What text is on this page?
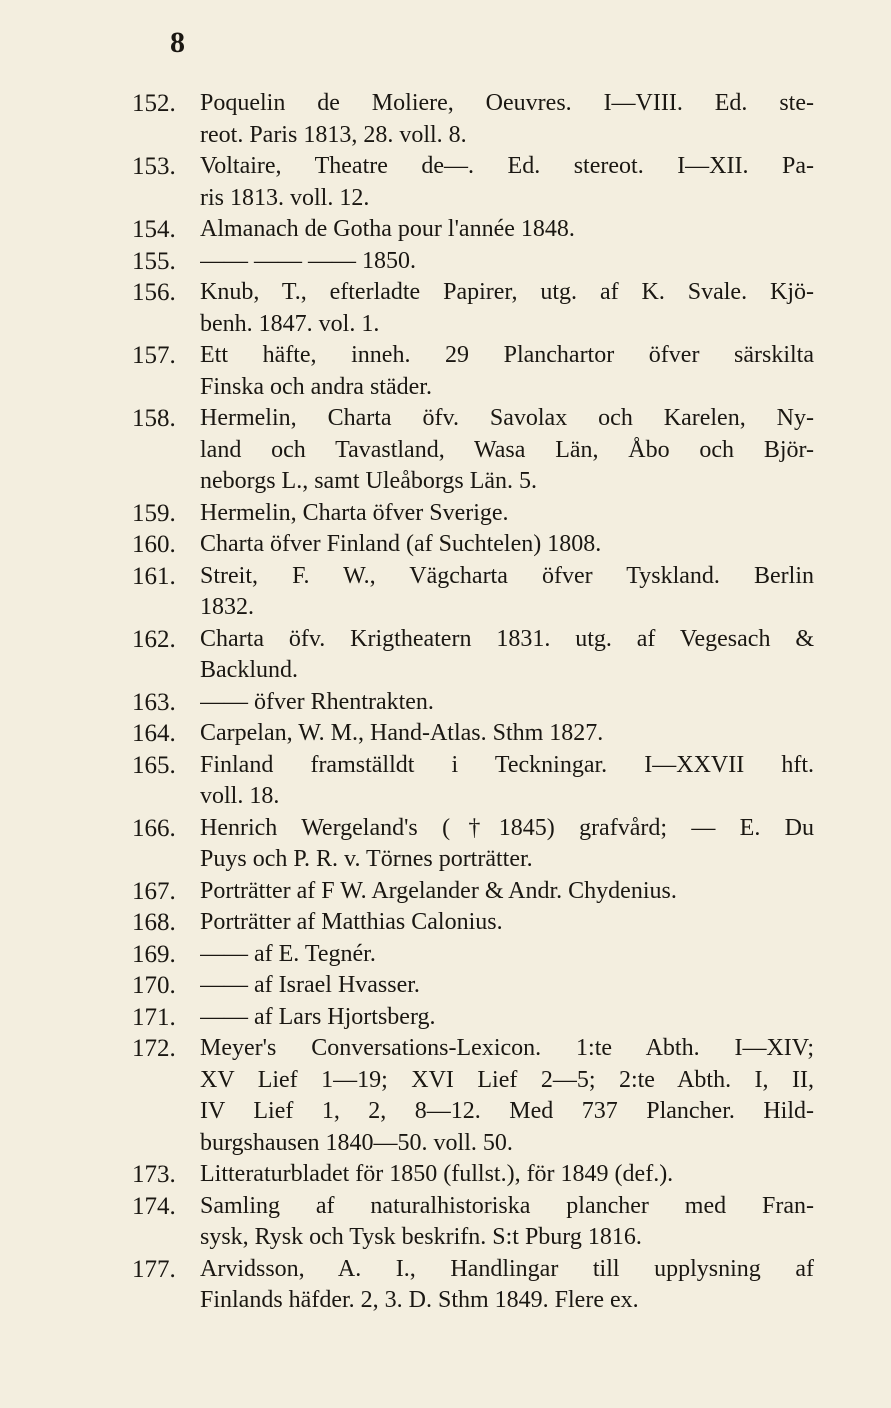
8
152.	Poquelin de Moliere, Oeuvres. I—VIII. Ed. ste-
reot. Paris 1813, 28. voll. 8.
153.	Voltaire, Theatre de—. Ed. stereot. I—XII. Pa-
ris 1813. voll. 12.
154.	Almanach de Gotha pour l'année 1848.
155.	—— —— —— 1850.
156.	Knub, T., efterladte Papirer, utg. af K. Svale. Kjö-
benh. 1847. vol. 1.
157.	Ett häfte, inneh. 29 Planchartor öfver särskilta
Finska och andra städer.
158.	Hermelin, Charta öfv. Savolax och Karelen, Ny-
land och Tavastland, Wasa Län, Åbo och Björ-
neborgs L., samt Uleåborgs Län. 5.
159.	Hermelin, Charta öfver Sverige.
160.	Charta öfver Finland (af Suchtelen) 1808.
161.	Streit, F. W., Vägcharta öfver Tyskland. Berlin
1832.
162.	Charta öfv. Krigtheatern 1831. utg. af Vegesach &
Backlund.
163.	—— öfver Rhentrakten.
164.	Carpelan, W. M., Hand-Atlas. Sthm 1827.
165.	Finland framställdt i Teckningar. I—XXVII hft.
voll. 18.
166.	Henrich Wergeland's (†1845) grafvård; — E. Du
Puys och P. R. v. Törnes porträtter.
167.	Porträtter af F W. Argelander & Andr. Chydenius.
168.	Porträtter af Matthias Calonius.
169.	—— af E. Tegnér.
170.	—— af Israel Hvasser.
171.	—— af Lars Hjortsberg.
172.	Meyer's Conversations-Lexicon. 1:te Abth. I—XIV;
XV Lief 1—19; XVI Lief 2—5; 2:te Abth. I, II,
IV Lief 1, 2, 8—12. Med 737 Plancher. Hild-
burgshausen 1840—50. voll. 50.
173.	Litteraturbladet för 1850 (fullst.), för 1849 (def.).
174.	Samling af naturalhistoriska plancher med Fran-
sysk, Rysk och Tysk beskrifn. S:t Pburg 1816.
177.	Arvidsson, A. I., Handlingar till upplysning af
Finlands häfder. 2, 3. D. Sthm 1849. Flere ex.
